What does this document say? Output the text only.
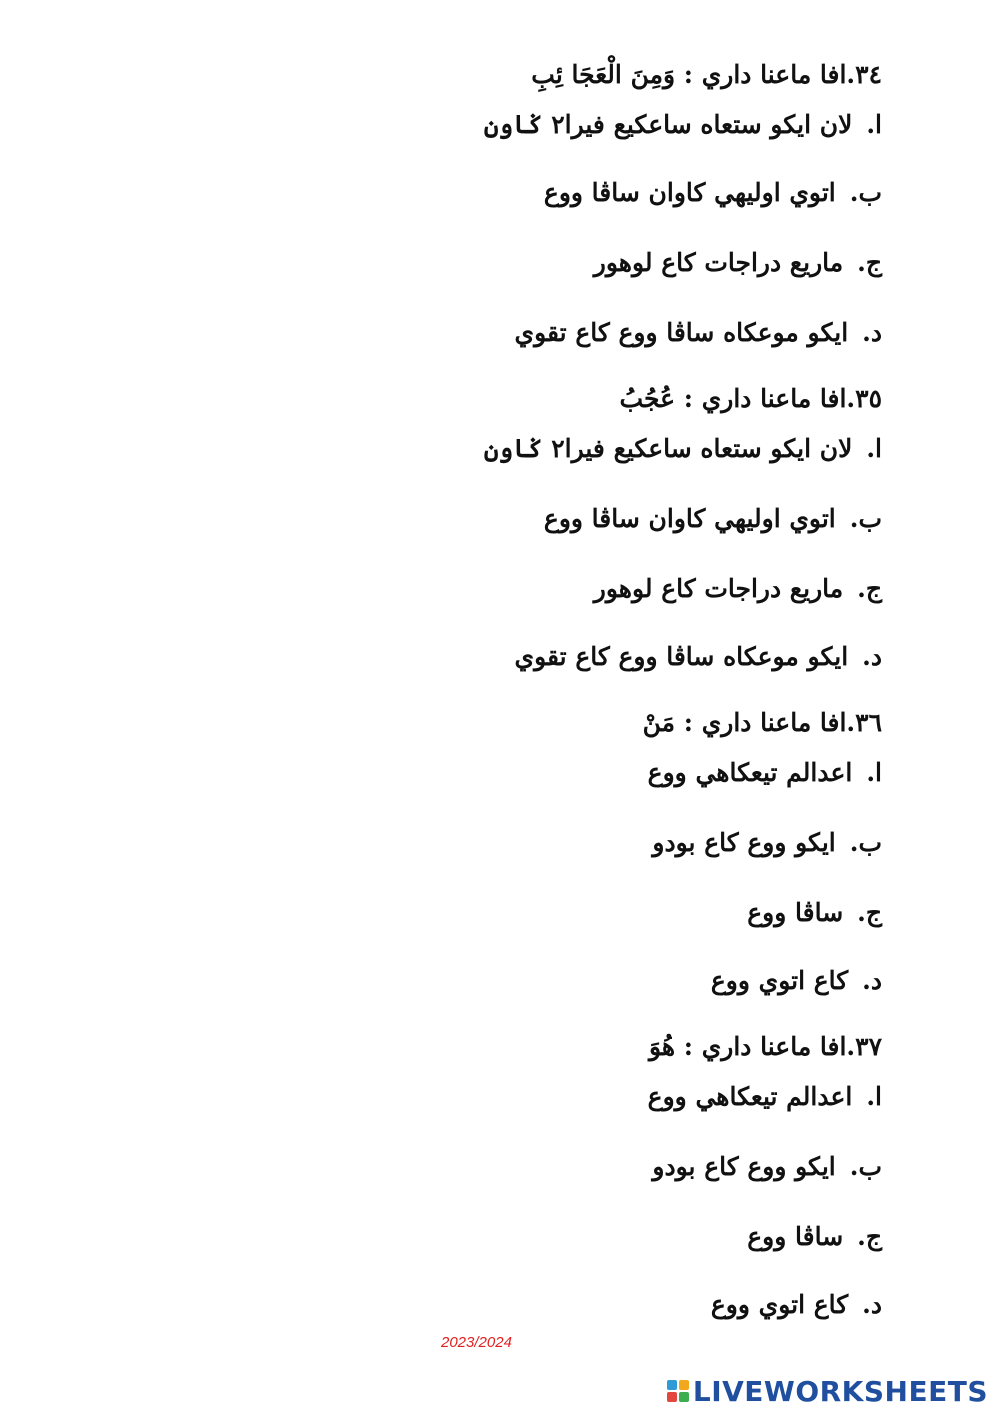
٣٤.افا ماعنا داري : وَمِنَ الْعَجَا ئِبِ
ا.لان ايكو ستعاه ساعكيع فيرا٢ ݢاون
ب.اتوي اوليهي كاوان ساڤا ووع
ج.ماريع دراجات كاع لوهور
د.ايكو موعكاه ساڤا ووع كاع تقوي
٣٥.افا ماعنا داري : عُجُبُ
ا.لان ايكو ستعاه ساعكيع فيرا٢ ݢاون
ب.اتوي اوليهي كاوان ساڤا ووع
ج.ماريع دراجات كاع لوهور
د.ايكو موعكاه ساڤا ووع كاع تقوي
٣٦.افا ماعنا داري : مَنْ
ا.اعدالم تيعكاهي ووع
ب.ايكو ووع كاع بودو
ج.ساڤا ووع
د.كاع اتوي ووع
٣٧.افا ماعنا داري : هُوَ
ا.اعدالم تيعكاهي ووع
ب.ايكو ووع كاع بودو
ج.ساڤا ووع
د.كاع اتوي ووع
2023/2024
LIVEWORKSHEETS
